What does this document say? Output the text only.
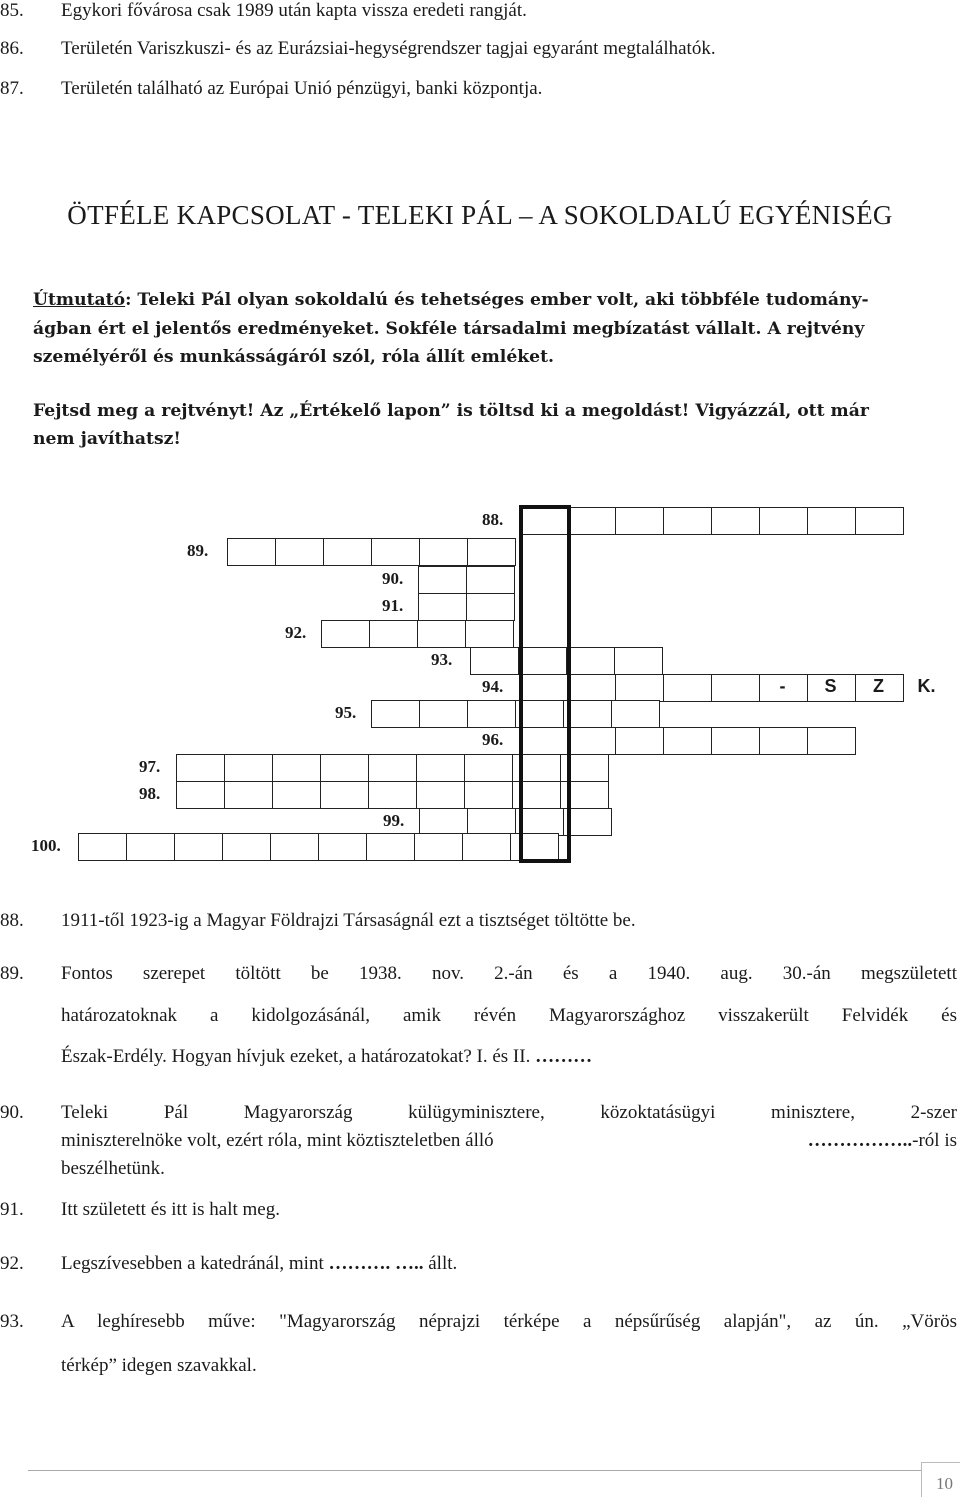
85. Egykori fővárosa csak 1989 után kapta vissza eredeti rangját.
86. Területén Variszkuszi- és az Eurázsiai-hegységrendszer tagjai egyaránt megtalálhatók.
87. Területén található az Európai Unió pénzügyi, banki központja.
ÖTFÉLE KAPCSOLAT - TELEKI PÁL – A SOKOLDALÚ EGYÉNISÉG
Útmutató: Teleki Pál olyan sokoldalú és tehetséges ember volt, aki többféle tudomány-
ágban ért el jelentős eredményeket. Sokféle társadalmi megbízatást vállalt. A rejtvény
személyéről és munkásságáról szól, róla állít emléket.
Fejtsd meg a rejtvényt! Az „Értékelő lapon” is töltsd ki a megoldást! Vigyázzál, ott már
nem javíthatsz!
88.
89.
90.
91.
92.
93.
94.
95.
96.
97.
98.
99.
100.
-	S	Z	K.
88. 1911-től 1923-ig a Magyar Földrajzi Társaságnál ezt a tisztséget töltötte be.
89. Fontos szerepet töltött be 1938. nov. 2.-án és a 1940. aug. 30.-án megszületett
határozatoknak a kidolgozásánál, amik révén Magyarországhoz visszakerült Felvidék és
Észak-Erdély. Hogyan hívjuk ezeket, a határozatokat? I. és II. ………
90. Teleki Pál Magyarország külügyminisztere, közoktatásügyi minisztere, 2-szer
miniszterelnöke volt, ezért róla, mint köztiszteletben álló	……………..-ról is
beszélhetünk.
91. Itt született és itt is halt meg.
92. Legszívesebben a katedránál, mint ………. ….. állt.
93. A leghíresebb műve: "Magyarország néprajzi térképe a népsűrűség alapján", az ún. „Vörös
térkép” idegen szavakkal.
10
